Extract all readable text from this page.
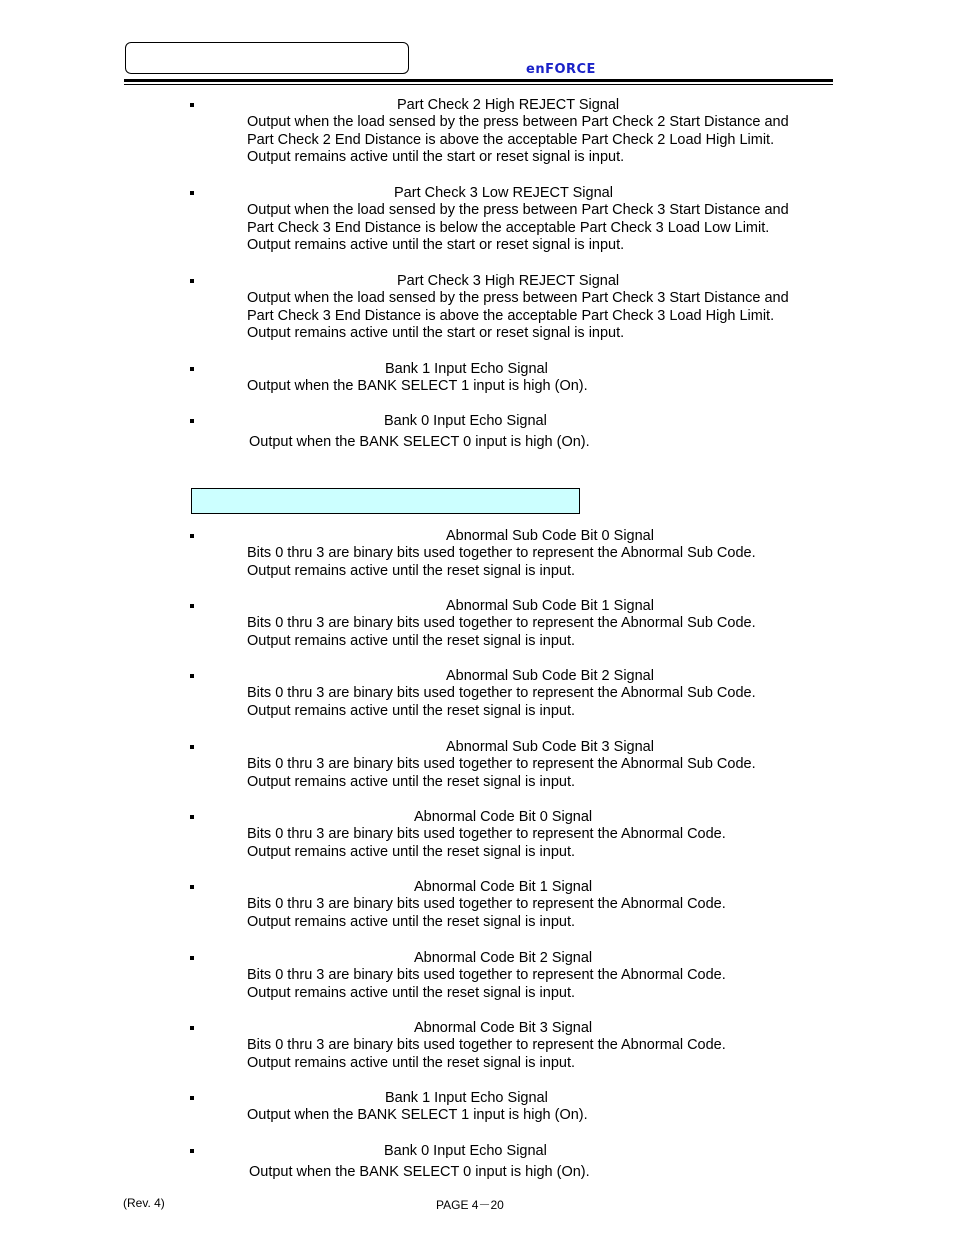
enFORCE
Part Check 2 High REJECT Signal
Output when the load sensed by the press between Part Check 2 Start Distance and
Part Check 2 End Distance is above the acceptable Part Check 2 Load High Limit.
Output remains active until the start or reset signal is input.
Part Check 3 Low REJECT Signal
Output when the load sensed by the press between Part Check 3 Start Distance and
Part Check 3 End Distance is below the acceptable Part Check 3 Load Low Limit.
Output remains active until the start or reset signal is input.
Part Check 3 High REJECT Signal
Output when the load sensed by the press between Part Check 3 Start Distance and
Part Check 3 End Distance is above the acceptable Part Check 3 Load High Limit.
Output remains active until the start or reset signal is input.
Bank 1 Input Echo Signal
Output when the BANK SELECT 1 input is high (On).
Bank 0 Input Echo Signal
Output when the BANK SELECT 0 input is high (On).
Abnormal Sub Code Bit 0 Signal
Bits 0 thru 3 are binary bits used together to represent the Abnormal Sub Code.
Output remains active until the reset signal is input.
Abnormal Sub Code Bit 1 Signal
Bits 0 thru 3 are binary bits used together to represent the Abnormal Sub Code.
Output remains active until the reset signal is input.
Abnormal Sub Code Bit 2 Signal
Bits 0 thru 3 are binary bits used together to represent the Abnormal Sub Code.
Output remains active until the reset signal is input.
Abnormal Sub Code Bit 3 Signal
Bits 0 thru 3 are binary bits used together to represent the Abnormal Sub Code.
Output remains active until the reset signal is input.
Abnormal Code Bit 0 Signal
Bits 0 thru 3 are binary bits used together to represent the Abnormal Code.
Output remains active until the reset signal is input.
Abnormal Code Bit 1 Signal
Bits 0 thru 3 are binary bits used together to represent the Abnormal Code.
Output remains active until the reset signal is input.
Abnormal Code Bit 2 Signal
Bits 0 thru 3 are binary bits used together to represent the Abnormal Code.
Output remains active until the reset signal is input.
Abnormal Code Bit 3 Signal
Bits 0 thru 3 are binary bits used together to represent the Abnormal Code.
Output remains active until the reset signal is input.
Bank 1 Input Echo Signal
Output when the BANK SELECT 1 input is high (On).
Bank 0 Input Echo Signal
Output when the BANK SELECT 0 input is high (On).
(Rev. 4)	PAGE 4－20
